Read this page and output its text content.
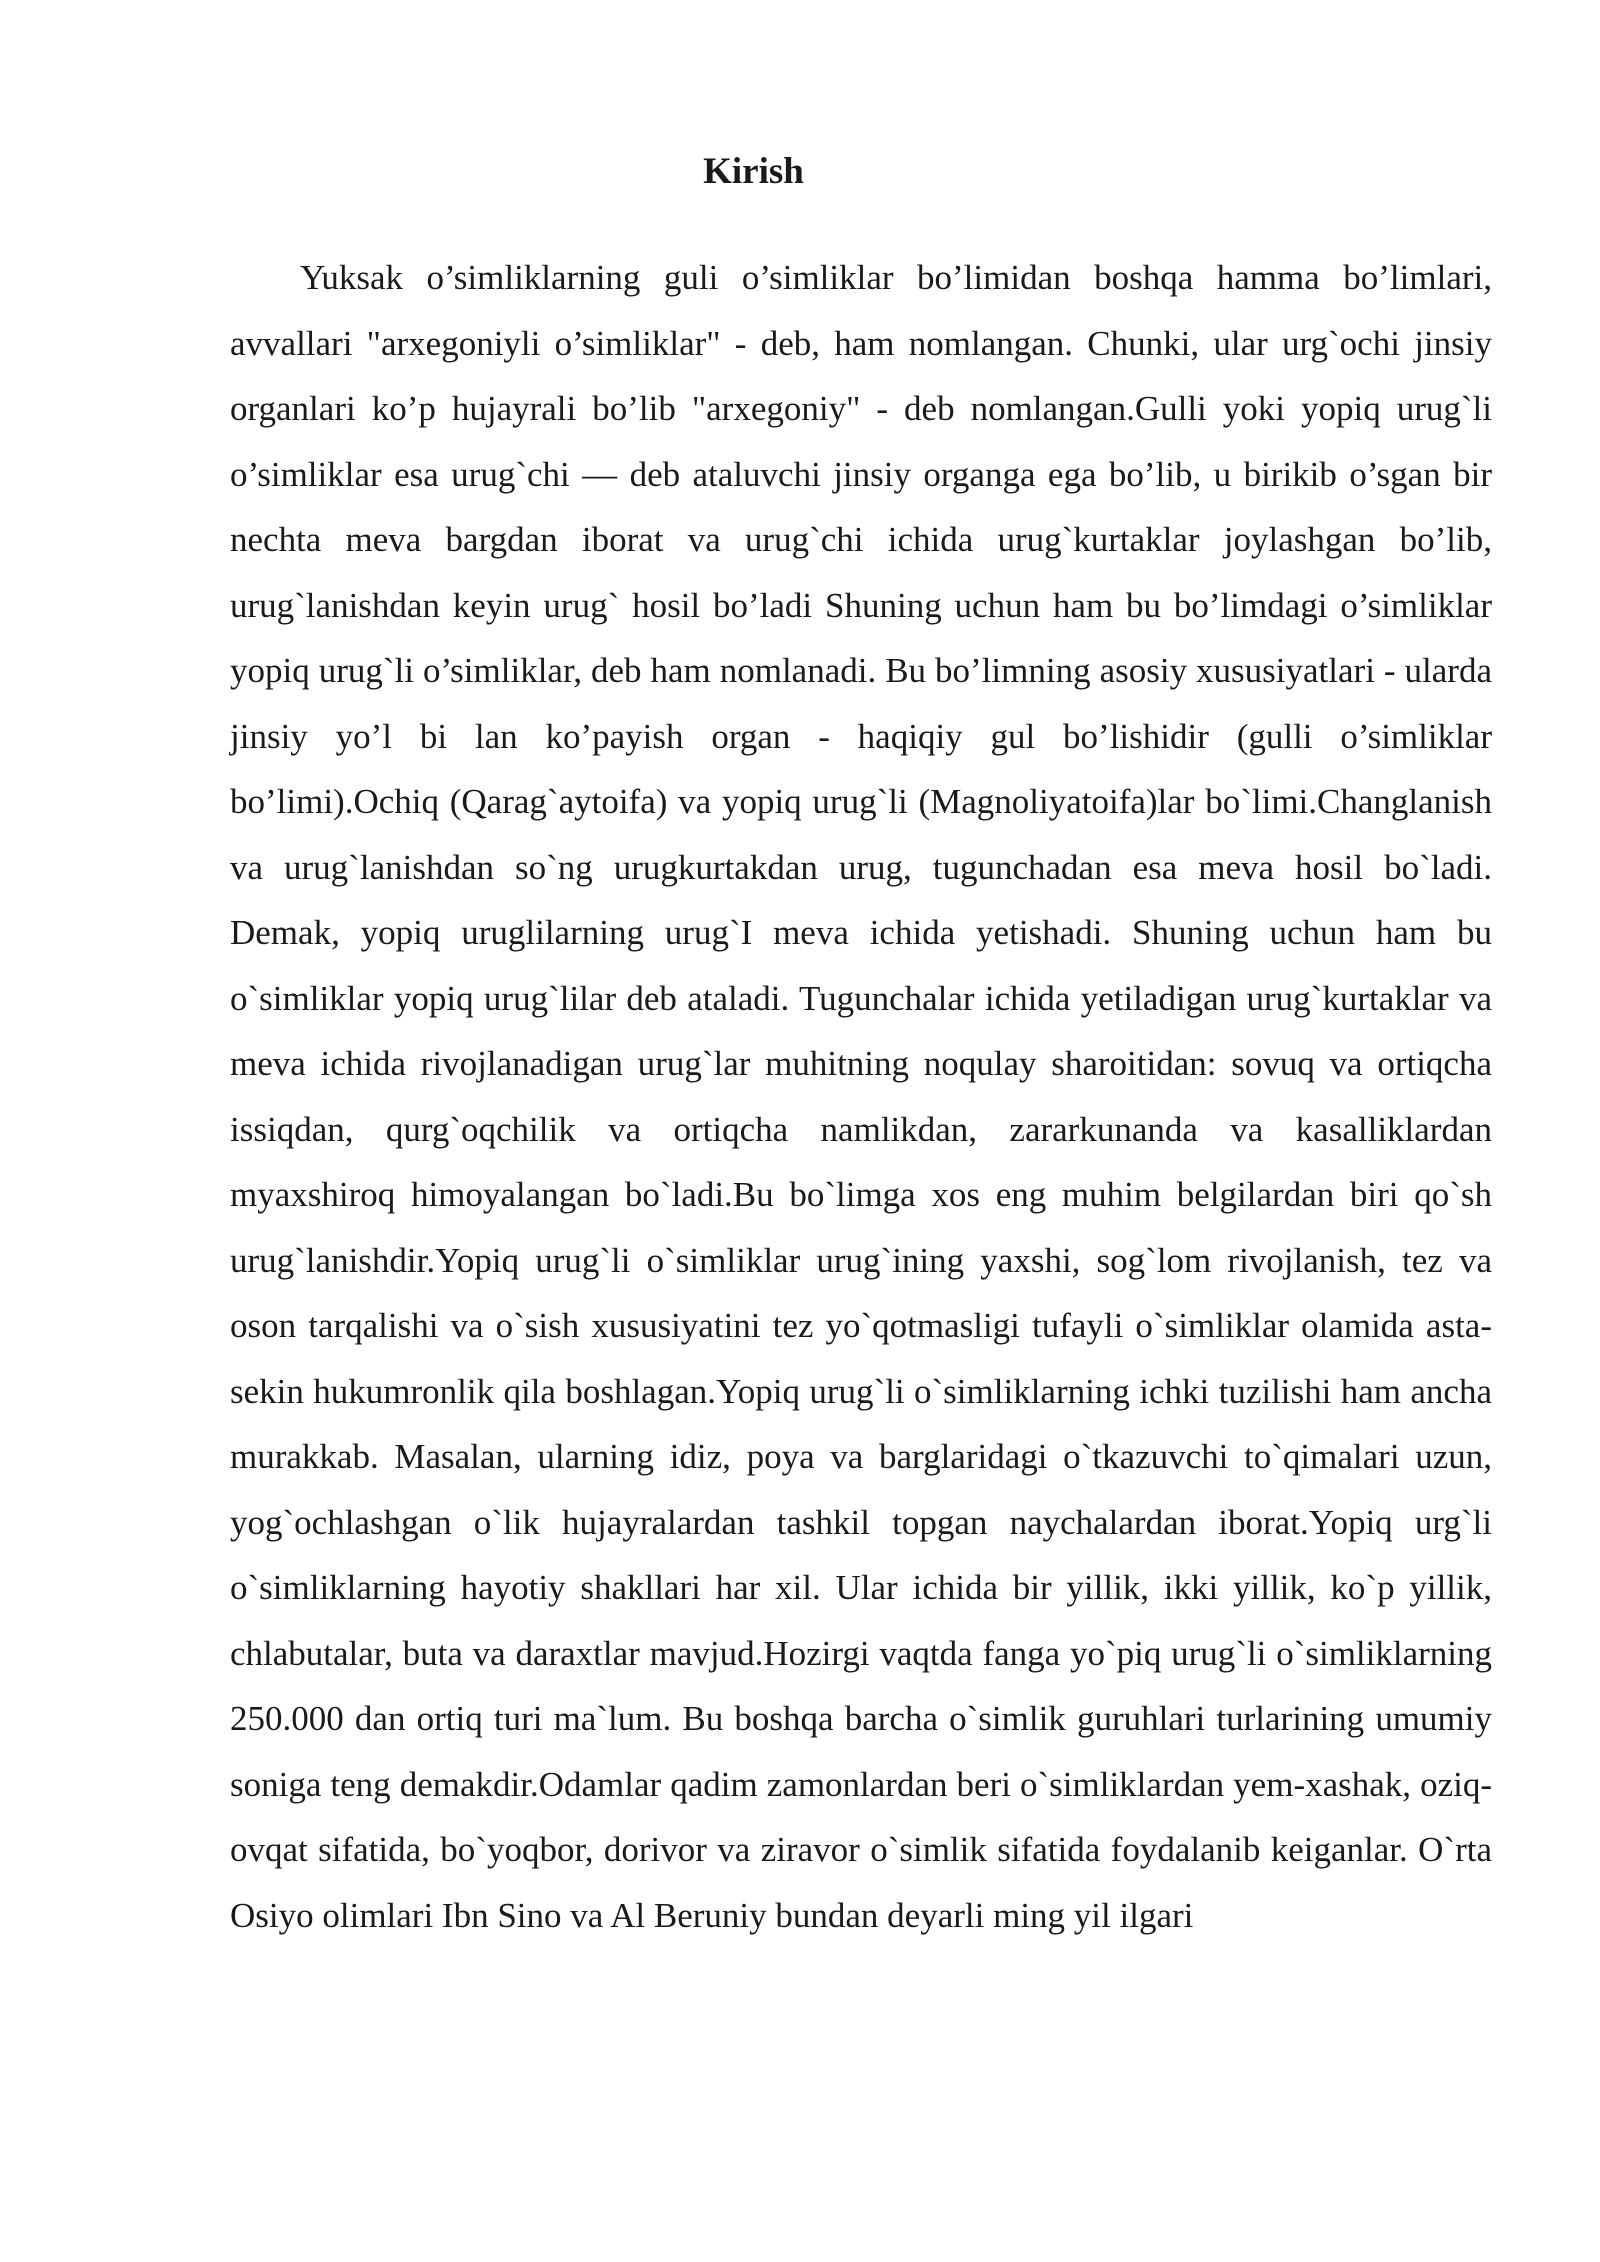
Kirish

Yuksak o’simliklarning guli o’simliklar bo’limidan boshqa hamma bo’limlari, avvallari "arxegoniyli o’simliklar" - deb, ham nomlangan. Chunki, ular urg`ochi jinsiy organlari ko’p hujayrali bo’lib "arxegoniy" - deb nomlangan.Gulli yoki yopiq urug`li o’simliklar esa urug`chi — deb ataluvchi jinsiy organga ega bo’lib, u birikib o’sgan bir nechta meva bargdan iborat va urug`chi ichida urug`kurtaklar joylashgan bo’lib, urug`lanishdan keyin urug` hosil bo’ladi Shuning uchun ham bu bo’limdagi o’simliklar yopiq urug`li o’simliklar, deb ham nomlanadi. Bu bo’limning asosiy xususiyatlari - ularda jinsiy yo’l bi lan ko’payish organ - haqiqiy gul bo’lishidir (gulli o’simliklar bo’limi).Ochiq (Qarag`aytoifa) va yopiq urug`li (Magnoliyatoifa)lar bo`limi.Changlanish va urug`lanishdan so`ng urugkurtakdan urug, tugunchadan esa meva hosil bo`ladi. Demak, yopiq uruglilarning urug`I meva ichida yetishadi. Shuning uchun ham bu o`simliklar yopiq urug`lilar deb ataladi. Tugunchalar ichida yetiladigan urug`kurtaklar va meva ichida rivojlanadigan urug`lar muhitning noqulay sharoitidan: sovuq va ortiqcha issiqdan, qurg`oqchilik va ortiqcha namlikdan, zararkunanda va kasalliklardan myaxshiroq himoyalangan bo`ladi.Bu bo`limga xos eng muhim belgilardan biri qo`sh urug`lanishdir.Yopiq urug`li o`simliklar urug`ining yaxshi, sog`lom rivojlanish, tez va oson tarqalishi va o`sish xususiyatini tez yo`qotmasligi tufayli o`simliklar olamida asta-sekin hukumronlik qila boshlagan.Yopiq urug`li o`simliklarning ichki tuzilishi ham ancha murakkab. Masalan, ularning idiz, poya va barglaridagi o`tkazuvchi to`qimalari uzun, yog`ochlashgan o`lik hujayralardan tashkil topgan naychalardan iborat.Yopiq urg`li o`simliklarning hayotiy shakllari har xil. Ular ichida bir yillik, ikki yillik, ko`p yillik, chlabutalar, buta va daraxtlar mavjud.Hozirgi vaqtda fanga yo`piq urug`li o`simliklarning 250.000 dan ortiq turi ma`lum. Bu boshqa barcha o`simlik guruhlari turlarining umumiy soniga teng demakdir.Odamlar qadim zamonlardan beri o`simliklardan yem-xashak, oziq-ovqat sifatida, bo`yoqbor, dorivor va ziravor o`simlik sifatida foydalanib keiganlar. O`rta Osiyo olimlari Ibn Sino va Al Beruniy bundan deyarli ming yil ilgari
